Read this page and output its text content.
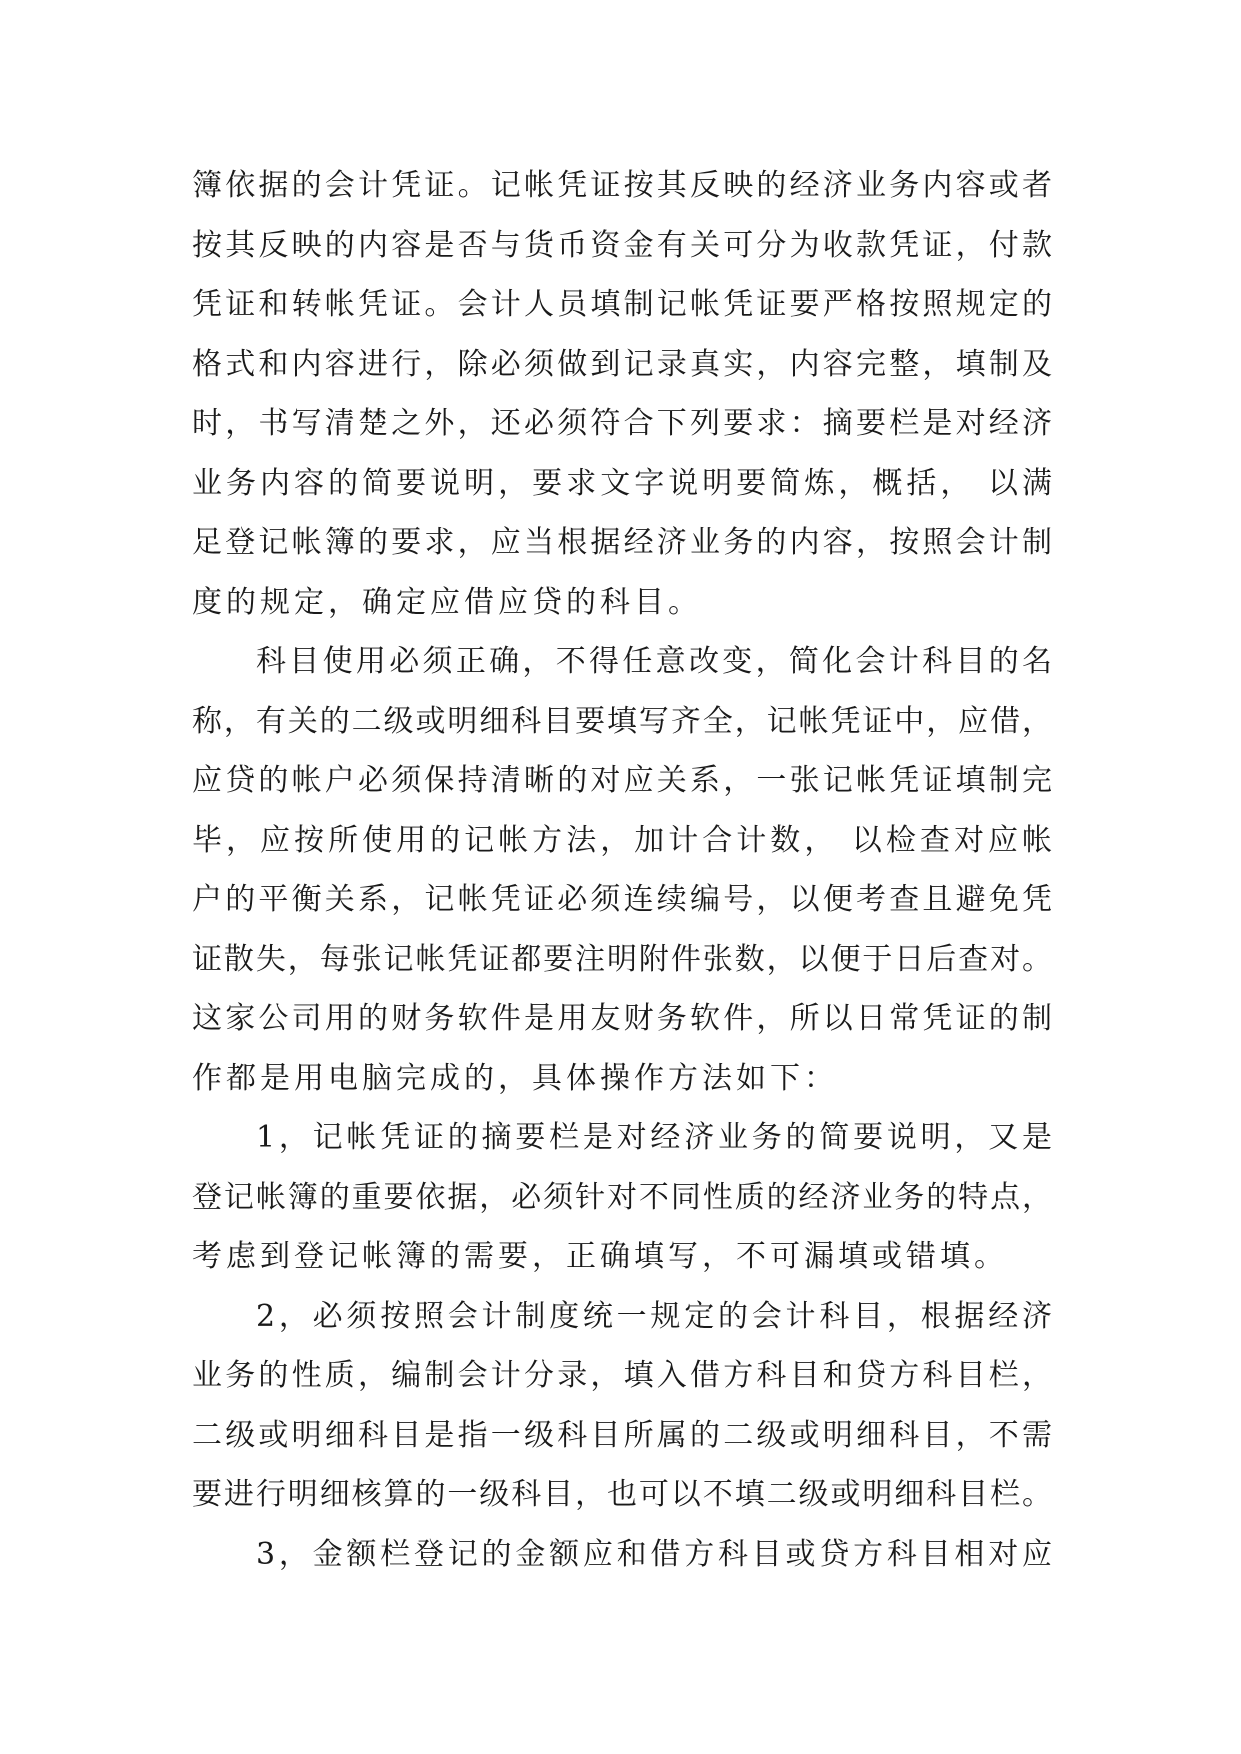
簿依据的会计凭证。记帐凭证按其反映的经济业务内容或者
按其反映的内容是否与货币资金有关可分为收款凭证，付款
凭证和转帐凭证。会计人员填制记帐凭证要严格按照规定的
格式和内容进行，除必须做到记录真实，内容完整，填制及
时，书写清楚之外，还必须符合下列要求：摘要栏是对经济
业务内容的简要说明，要求文字说明要简炼，概括， 以满
足登记帐簿的要求，应当根据经济业务的内容，按照会计制
度的规定，确定应借应贷的科目。
科目使用必须正确，不得任意改变，简化会计科目的名
称，有关的二级或明细科目要填写齐全，记帐凭证中，应借，
应贷的帐户必须保持清晰的对应关系，一张记帐凭证填制完
毕，应按所使用的记帐方法，加计合计数， 以检查对应帐
户的平衡关系，记帐凭证必须连续编号，以便考查且避免凭
证散失，每张记帐凭证都要注明附件张数，以便于日后查对。
这家公司用的财务软件是用友财务软件，所以日常凭证的制
作都是用电脑完成的，具体操作方法如下：
1，记帐凭证的摘要栏是对经济业务的简要说明，又是
登记帐簿的重要依据，必须针对不同性质的经济业务的特点，
考虑到登记帐簿的需要，正确填写，不可漏填或错填。
2，必须按照会计制度统一规定的会计科目，根据经济
业务的性质，编制会计分录，填入借方科目和贷方科目栏，
二级或明细科目是指一级科目所属的二级或明细科目，不需
要进行明细核算的一级科目，也可以不填二级或明细科目栏。
3，金额栏登记的金额应和借方科目或贷方科目相对应
